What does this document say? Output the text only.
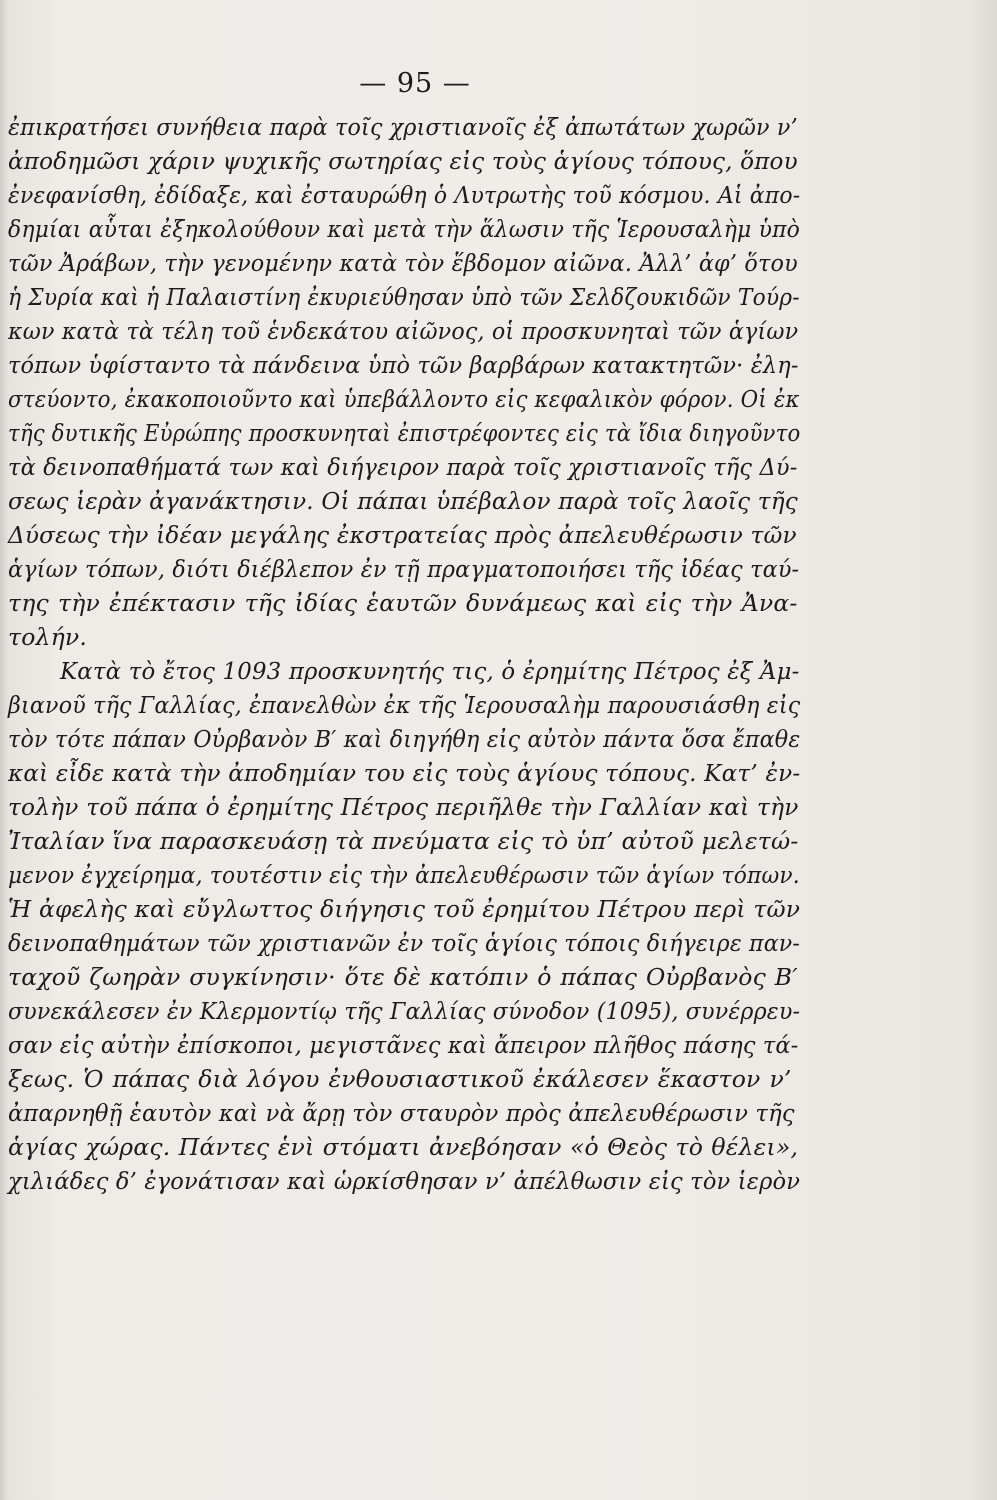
— 95 —
ἐπικρατήσει συνήθεια παρὰ τοῖς χριστιανοῖς ἐξ ἀπωτάτων χωρῶν ν’
ἀποδημῶσι χάριν ψυχικῆς σωτηρίας εἰς τοὺς ἁγίους τόπους, ὅπου
ἐνεφανίσθη, ἐδίδαξε, καὶ ἐσταυρώθη ὁ Λυτρωτὴς τοῦ κόσμου. Αἱ ἀπο-
δημίαι αὗται ἐξηκολούθουν καὶ μετὰ τὴν ἅλωσιν τῆς Ἱερουσαλὴμ ὑπὸ
τῶν Ἀράβων, τὴν γενομένην κατὰ τὸν ἕβδομον αἰῶνα. Ἀλλ’ ἀφ’ ὅτου
ἡ Συρία καὶ ἡ Παλαιστίνη ἐκυριεύθησαν ὑπὸ τῶν Σελδζουκιδῶν Τούρ-
κων κατὰ τὰ τέλη τοῦ ἑνδεκάτου αἰῶνος, οἱ προσκυνηταὶ τῶν ἁγίων
τόπων ὑφίσταντο τὰ πάνδεινα ὑπὸ τῶν βαρβάρων κατακτητῶν· ἐλη-
στεύοντο, ἐκακοποιοῦντο καὶ ὑπεβάλλοντο εἰς κεφαλικὸν φόρον. Οἱ ἐκ
τῆς δυτικῆς Εὐρώπης προσκυνηταὶ ἐπιστρέφοντες εἰς τὰ ἴδια διηγοῦντο
τὰ δεινοπαθήματά των καὶ διήγειρον παρὰ τοῖς χριστιανοῖς τῆς Δύ-
σεως ἱερὰν ἀγανάκτησιν. Οἱ πάπαι ὑπέβαλον παρὰ τοῖς λαοῖς τῆς
Δύσεως τὴν ἰδέαν μεγάλης ἐκστρατείας πρὸς ἀπελευθέρωσιν τῶν
ἁγίων τόπων, διότι διέβλεπον ἐν τῇ πραγματοποιήσει τῆς ἰδέας ταύ-
της τὴν ἐπέκτασιν τῆς ἰδίας ἑαυτῶν δυνάμεως καὶ εἰς τὴν Ἀνα-
τολήν.
Κατὰ τὸ ἔτος 1093 προσκυνητής τις, ὁ ἐρημίτης Πέτρος ἐξ Ἀμ-
βιανοῦ τῆς Γαλλίας, ἐπανελθὼν ἐκ τῆς Ἱερουσαλὴμ παρουσιάσθη εἰς
τὸν τότε πάπαν Οὐρβανὸν Β′ καὶ διηγήθη εἰς αὐτὸν πάντα ὅσα ἔπαθε
καὶ εἶδε κατὰ τὴν ἀποδημίαν του εἰς τοὺς ἁγίους τόπους. Κατ’ ἐν-
τολὴν τοῦ πάπα ὁ ἐρημίτης Πέτρος περιῆλθε τὴν Γαλλίαν καὶ τὴν
Ἰταλίαν ἵνα παρασκευάσῃ τὰ πνεύματα εἰς τὸ ὑπ’ αὐτοῦ μελετώ-
μενον ἐγχείρημα, τουτέστιν εἰς τὴν ἀπελευθέρωσιν τῶν ἁγίων τόπων.
Ἡ ἀφελὴς καὶ εὔγλωττος διήγησις τοῦ ἐρημίτου Πέτρου περὶ τῶν
δεινοπαθημάτων τῶν χριστιανῶν ἐν τοῖς ἁγίοις τόποις διήγειρε παν-
ταχοῦ ζωηρὰν συγκίνησιν· ὅτε δὲ κατόπιν ὁ πάπας Οὐρβανὸς Β′
συνεκάλεσεν ἐν Κλερμοντίῳ τῆς Γαλλίας σύνοδον (1095), συνέρρευ-
σαν εἰς αὐτὴν ἐπίσκοποι, μεγιστᾶνες καὶ ἄπειρον πλῆθος πάσης τά-
ξεως. Ὁ πάπας διὰ λόγου ἐνθουσιαστικοῦ ἐκάλεσεν ἕκαστον ν’
ἀπαρνηθῇ ἑαυτὸν καὶ νὰ ἄρῃ τὸν σταυρὸν πρὸς ἀπελευθέρωσιν τῆς
ἁγίας χώρας. Πάντες ἑνὶ στόματι ἀνεβόησαν «ὁ Θεὸς τὸ θέλει»,
χιλιάδες δ’ ἐγονάτισαν καὶ ὡρκίσθησαν ν’ ἀπέλθωσιν εἰς τὸν ἱερὸν
